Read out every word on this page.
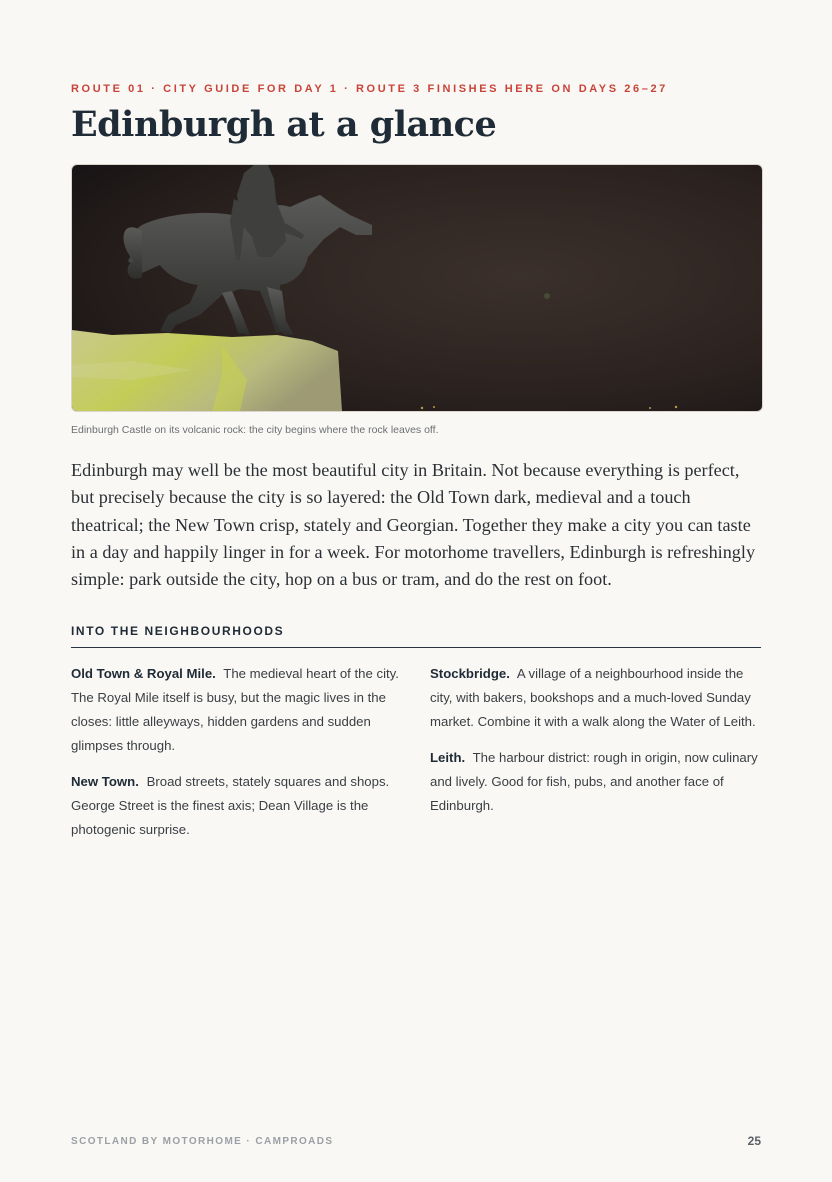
ROUTE 01 · CITY GUIDE FOR DAY 1 · ROUTE 3 FINISHES HERE ON DAYS 26–27
Edinburgh at a glance
Edinburgh Castle on its volcanic rock: the city begins where the rock leaves off.

Edinburgh may well be the most beautiful city in Britain. Not because everything is perfect, but precisely because the city is so layered: the Old Town dark, medieval and a touch theatrical; the New Town crisp, stately and Georgian. Together they make a city you can taste in a day and happily linger in for a week. For motorhome travellers, Edinburgh is refreshingly simple: park outside the city, hop on a bus or tram, and do the rest on foot.

INTO THE NEIGHBOURHOODS

Old Town & Royal Mile. The medieval heart of the city. The Royal Mile itself is busy, but the magic lives in the closes: little alleyways, hidden gardens and sudden glimpses through.

New Town. Broad streets, stately squares and shops. George Street is the finest axis; Dean Village is the photogenic surprise.

Stockbridge. A village of a neighbourhood inside the city, with bakers, bookshops and a much-loved Sunday market. Combine it with a walk along the Water of Leith.

Leith. The harbour district: rough in origin, now culinary and lively. Good for fish, pubs, and another face of Edinburgh.

SCOTLAND BY MOTORHOME · CAMPROADS	25
